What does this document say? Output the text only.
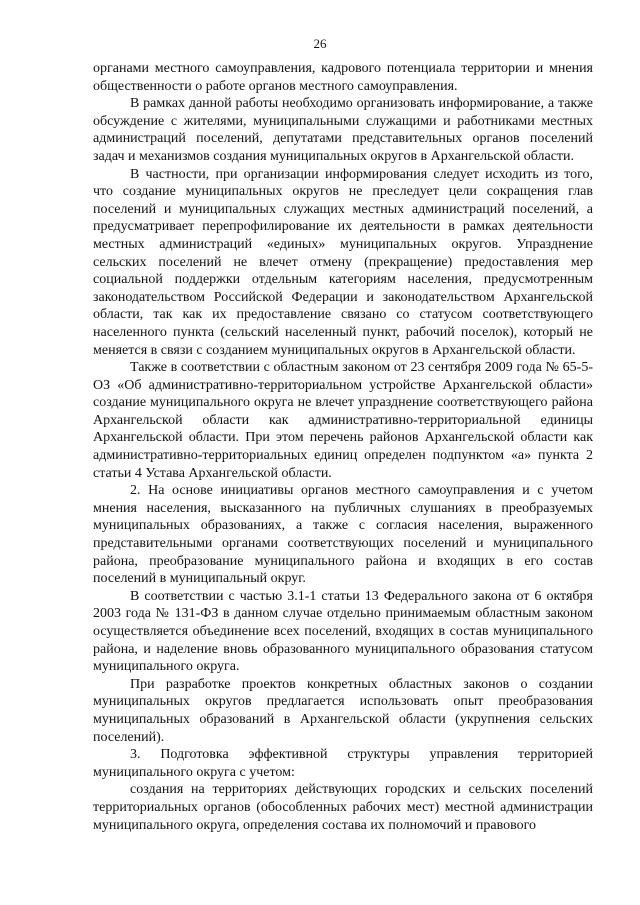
26

органами местного самоуправления, кадрового потенциала территории и мнения общественности о работе органов местного самоуправления.

В рамках данной работы необходимо организовать информирование, а также обсуждение с жителями, муниципальными служащими и работниками местных администраций поселений, депутатами представительных органов поселений задач и механизмов создания муниципальных округов в Архангельской области.

В частности, при организации информирования следует исходить из того, что создание муниципальных округов не преследует цели сокращения глав поселений и муниципальных служащих местных администраций поселений, а предусматривает перепрофилирование их деятельности в рамках деятельности местных администраций «единых» муниципальных округов. Упразднение сельских поселений не влечет отмену (прекращение) предоставления мер социальной поддержки отдельным категориям населения, предусмотренным законодательством Российской Федерации и законодательством Архангельской области, так как их предоставление связано со статусом соответствующего населенного пункта (сельский населенный пункт, рабочий поселок), который не меняется в связи с созданием муниципальных округов в Архангельской области.

Также в соответствии с областным законом от 23 сентября 2009 года № 65-5-ОЗ «Об административно-территориальном устройстве Архангельской области» создание муниципального округа не влечет упразднение соответствующего района Архангельской области как административно-территориальной единицы Архангельской области. При этом перечень районов Архангельской области как административно-территориальных единиц определен подпунктом «а» пункта 2 статьи 4 Устава Архангельской области.

2. На основе инициативы органов местного самоуправления и с учетом мнения населения, высказанного на публичных слушаниях в преобразуемых муниципальных образованиях, а также с согласия населения, выраженного представительными органами соответствующих поселений и муниципального района, преобразование муниципального района и входящих в его состав поселений в муниципальный округ.

В соответствии с частью 3.1-1 статьи 13 Федерального закона от 6 октября 2003 года № 131-ФЗ в данном случае отдельно принимаемым областным законом осуществляется объединение всех поселений, входящих в состав муниципального района, и наделение вновь образованного муниципального образования статусом муниципального округа.

При разработке проектов конкретных областных законов о создании муниципальных округов предлагается использовать опыт преобразования муниципальных образований в Архангельской области (укрупнения сельских поселений).

3. Подготовка эффективной структуры управления территорией муниципального округа с учетом:

создания на территориях действующих городских и сельских поселений территориальных органов (обособленных рабочих мест) местной администрации муниципального округа, определения состава их полномочий и правового
